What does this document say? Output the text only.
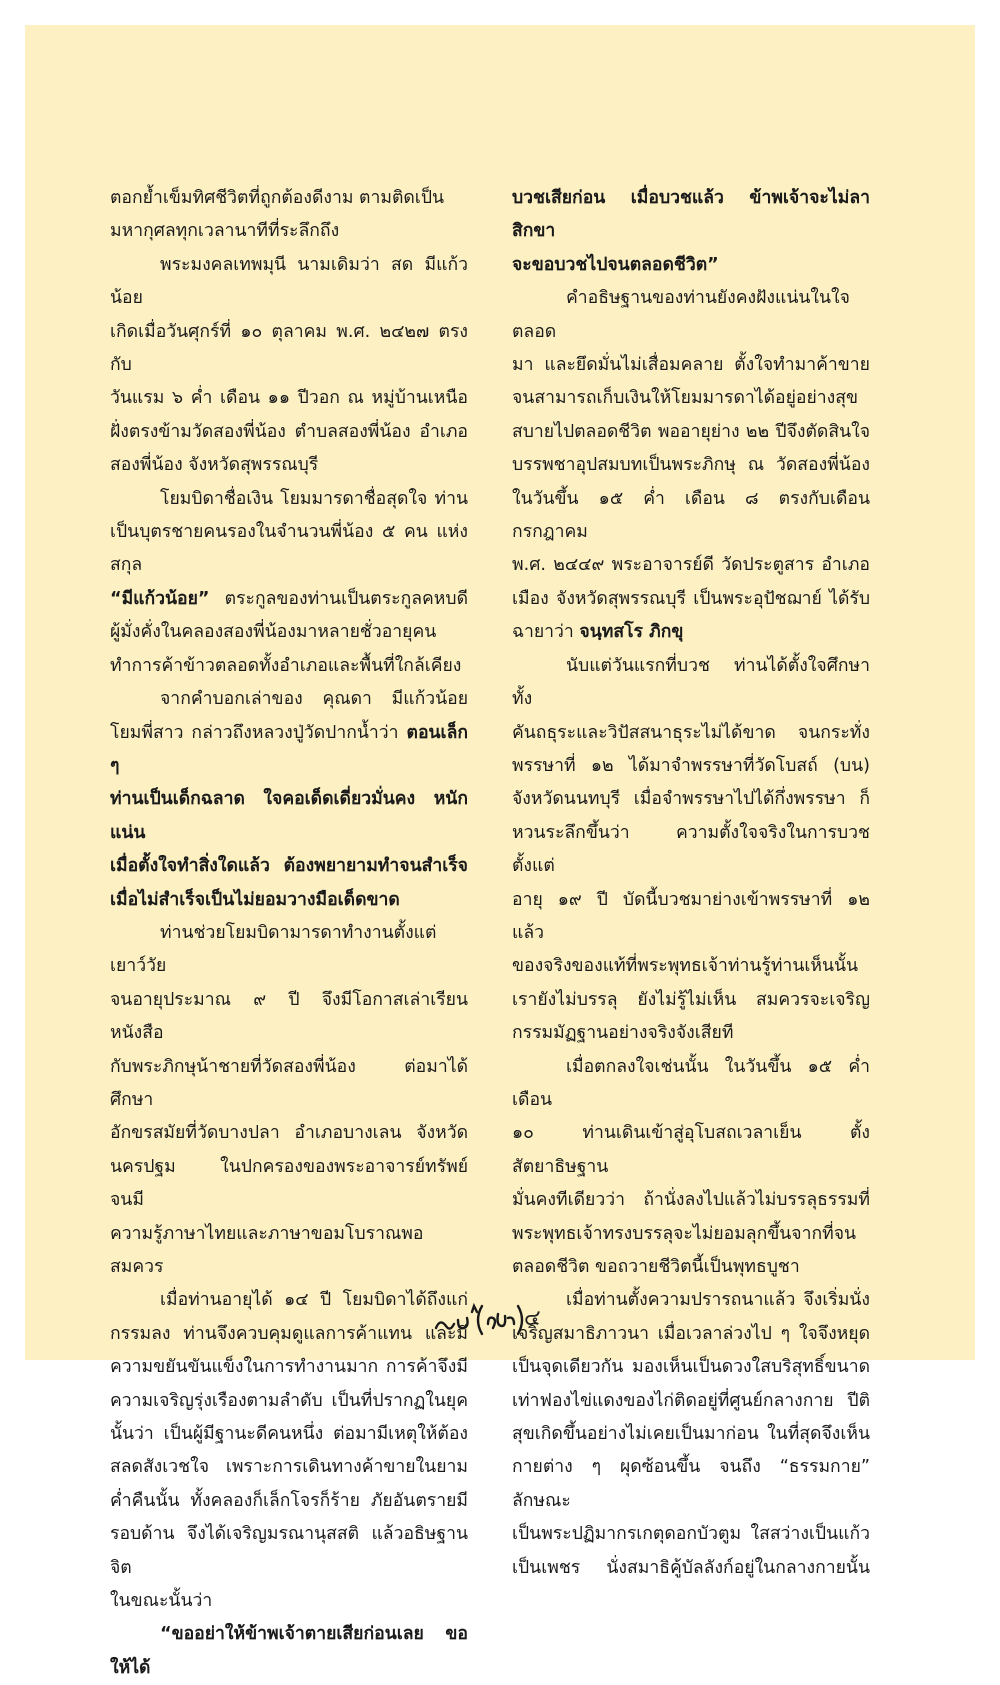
ตอกย้ำเข็มทิศชีวิตที่ถูกต้องดีงาม ตามติดเป็น

มหากุศลทุกเวลานาทีที่ระลึกถึง

พระมงคลเทพมุนี นามเดิมว่า สด มีแก้วน้อย

เกิดเมื่อวันศุกร์ที่ ๑๐ ตุลาคม พ.ศ. ๒๔๒๗ ตรงกับ

วันแรม ๖ ค่ำ เดือน ๑๑ ปีวอก ณ หมู่บ้านเหนือ

ฝั่งตรงข้ามวัดสองพี่น้อง ตำบลสองพี่น้อง อำเภอ

สองพี่น้อง จังหวัดสุพรรณบุรี

โยมบิดาชื่อเงิน โยมมารดาชื่อสุดใจ ท่าน

เป็นบุตรชายคนรองในจำนวนพี่น้อง ๕ คน แห่งสกุล

“มีแก้วน้อย” ตระกูลของท่านเป็นตระกูลคหบดี

ผู้มั่งคั่งในคลองสองพี่น้องมาหลายชั่วอายุคน

ทำการค้าข้าวตลอดทั้งอำเภอและพื้นที่ใกล้เคียง

จากคำบอกเล่าของ คุณดา มีแก้วน้อย

โยมพี่สาว กล่าวถึงหลวงปู่วัดปากน้ำว่า ตอนเล็ก ๆ

ท่านเป็นเด็กฉลาด ใจคอเด็ดเดี่ยวมั่นคง หนักแน่น

เมื่อตั้งใจทำสิ่งใดแล้ว ต้องพยายามทำจนสำเร็จ

เมื่อไม่สำเร็จเป็นไม่ยอมวางมือเด็ดขาด

ท่านช่วยโยมบิดามารดาทำงานตั้งแต่เยาว์วัย

จนอายุประมาณ ๙ ปี จึงมีโอกาสเล่าเรียนหนังสือ

กับพระภิกษุน้าชายที่วัดสองพี่น้อง ต่อมาได้ศึกษา

อักขรสมัยที่วัดบางปลา อำเภอบางเลน จังหวัด

นครปฐม ในปกครองของพระอาจารย์ทรัพย์ จนมี

ความรู้ภาษาไทยและภาษาขอมโบราณพอสมควร

เมื่อท่านอายุได้ ๑๔ ปี โยมบิดาได้ถึงแก่

กรรมลง ท่านจึงควบคุมดูแลการค้าแทน และมี

ความขยันขันแข็งในการทำงานมาก การค้าจึงมี

ความเจริญรุ่งเรืองตามลำดับ เป็นที่ปรากฏในยุค

นั้นว่า เป็นผู้มีฐานะดีคนหนึ่ง ต่อมามีเหตุให้ต้อง

สลดสังเวชใจ เพราะการเดินทางค้าขายในยาม

ค่ำคืนนั้น ทั้งคลองก็เล็กโจรก็ร้าย ภัยอันตรายมี

รอบด้าน จึงได้เจริญมรณานุสสติ แล้วอธิษฐานจิต

ในขณะนั้นว่า

“ขออย่าให้ข้าพเจ้าตายเสียก่อนเลย ขอให้ได้

บวชเสียก่อน เมื่อบวชแล้ว ข้าพเจ้าจะไม่ลาสิกขา

จะขอบวชไปจนตลอดชีวิต”

คำอธิษฐานของท่านยังคงฝังแน่นในใจตลอด

มา และยึดมั่นไม่เสื่อมคลาย ตั้งใจทำมาค้าขาย

จนสามารถเก็บเงินให้โยมมารดาได้อยู่อย่างสุข

สบายไปตลอดชีวิต พออายุย่าง ๒๒ ปีจึงตัดสินใจ

บรรพชาอุปสมบทเป็นพระภิกษุ ณ วัดสองพี่น้อง

ในวันขึ้น ๑๕ ค่ำ เดือน ๘ ตรงกับเดือนกรกฎาคม

พ.ศ. ๒๔๔๙ พระอาจารย์ดี วัดประตูสาร อำเภอ

เมือง จังหวัดสุพรรณบุรี เป็นพระอุปัชฌาย์ ได้รับ

ฉายาว่า จนฺทสโร ภิกขุ

นับแต่วันแรกที่บวช ท่านได้ตั้งใจศึกษาทั้ง

คันถธุระและวิปัสสนาธุระไม่ได้ขาด จนกระทั่ง

พรรษาที่ ๑๒ ได้มาจำพรรษาที่วัดโบสถ์ (บน)

จังหวัดนนทบุรี เมื่อจำพรรษาไปได้กึ่งพรรษา ก็

หวนระลึกขึ้นว่า ความตั้งใจจริงในการบวชตั้งแต่

อายุ ๑๙ ปี บัดนี้บวชมาย่างเข้าพรรษาที่ ๑๒ แล้ว

ของจริงของแท้ที่พระพุทธเจ้าท่านรู้ท่านเห็นนั้น

เรายังไม่บรรลุ ยังไม่รู้ไม่เห็น สมควรจะเจริญ

กรรมมัฏฐานอย่างจริงจังเสียที

เมื่อตกลงใจเช่นนั้น ในวันขึ้น ๑๕ ค่ำ เดือน

๑๐ ท่านเดินเข้าสู่อุโบสถเวลาเย็น ตั้งสัตยาธิษฐาน

มั่นคงทีเดียวว่า ถ้านั่งลงไปแล้วไม่บรรลุธรรมที่

พระพุทธเจ้าทรงบรรลุจะไม่ยอมลุกขึ้นจากที่จน

ตลอดชีวิต ขอถวายชีวิตนี้เป็นพุทธบูชา

เมื่อท่านตั้งความปรารถนาแล้ว จึงเริ่มนั่ง

เจริญสมาธิภาวนา เมื่อเวลาล่วงไป ๆ ใจจึงหยุด

เป็นจุดเดียวกัน มองเห็นเป็นดวงใสบริสุทธิ์ขนาด

เท่าฟองไข่แดงของไก่ติดอยู่ที่ศูนย์กลางกาย ปีติ

สุขเกิดขึ้นอย่างไม่เคยเป็นมาก่อน ในที่สุดจึงเห็น

กายต่าง ๆ ผุดซ้อนขึ้น จนถึง “ธรรมกาย” ลักษณะ

เป็นพระปฏิมากรเกตุดอกบัวตูม ใสสว่างเป็นแก้ว

เป็นเพชร นั่งสมาธิคู้บัลลังก์อยู่ในกลางกายนั้น

๔
